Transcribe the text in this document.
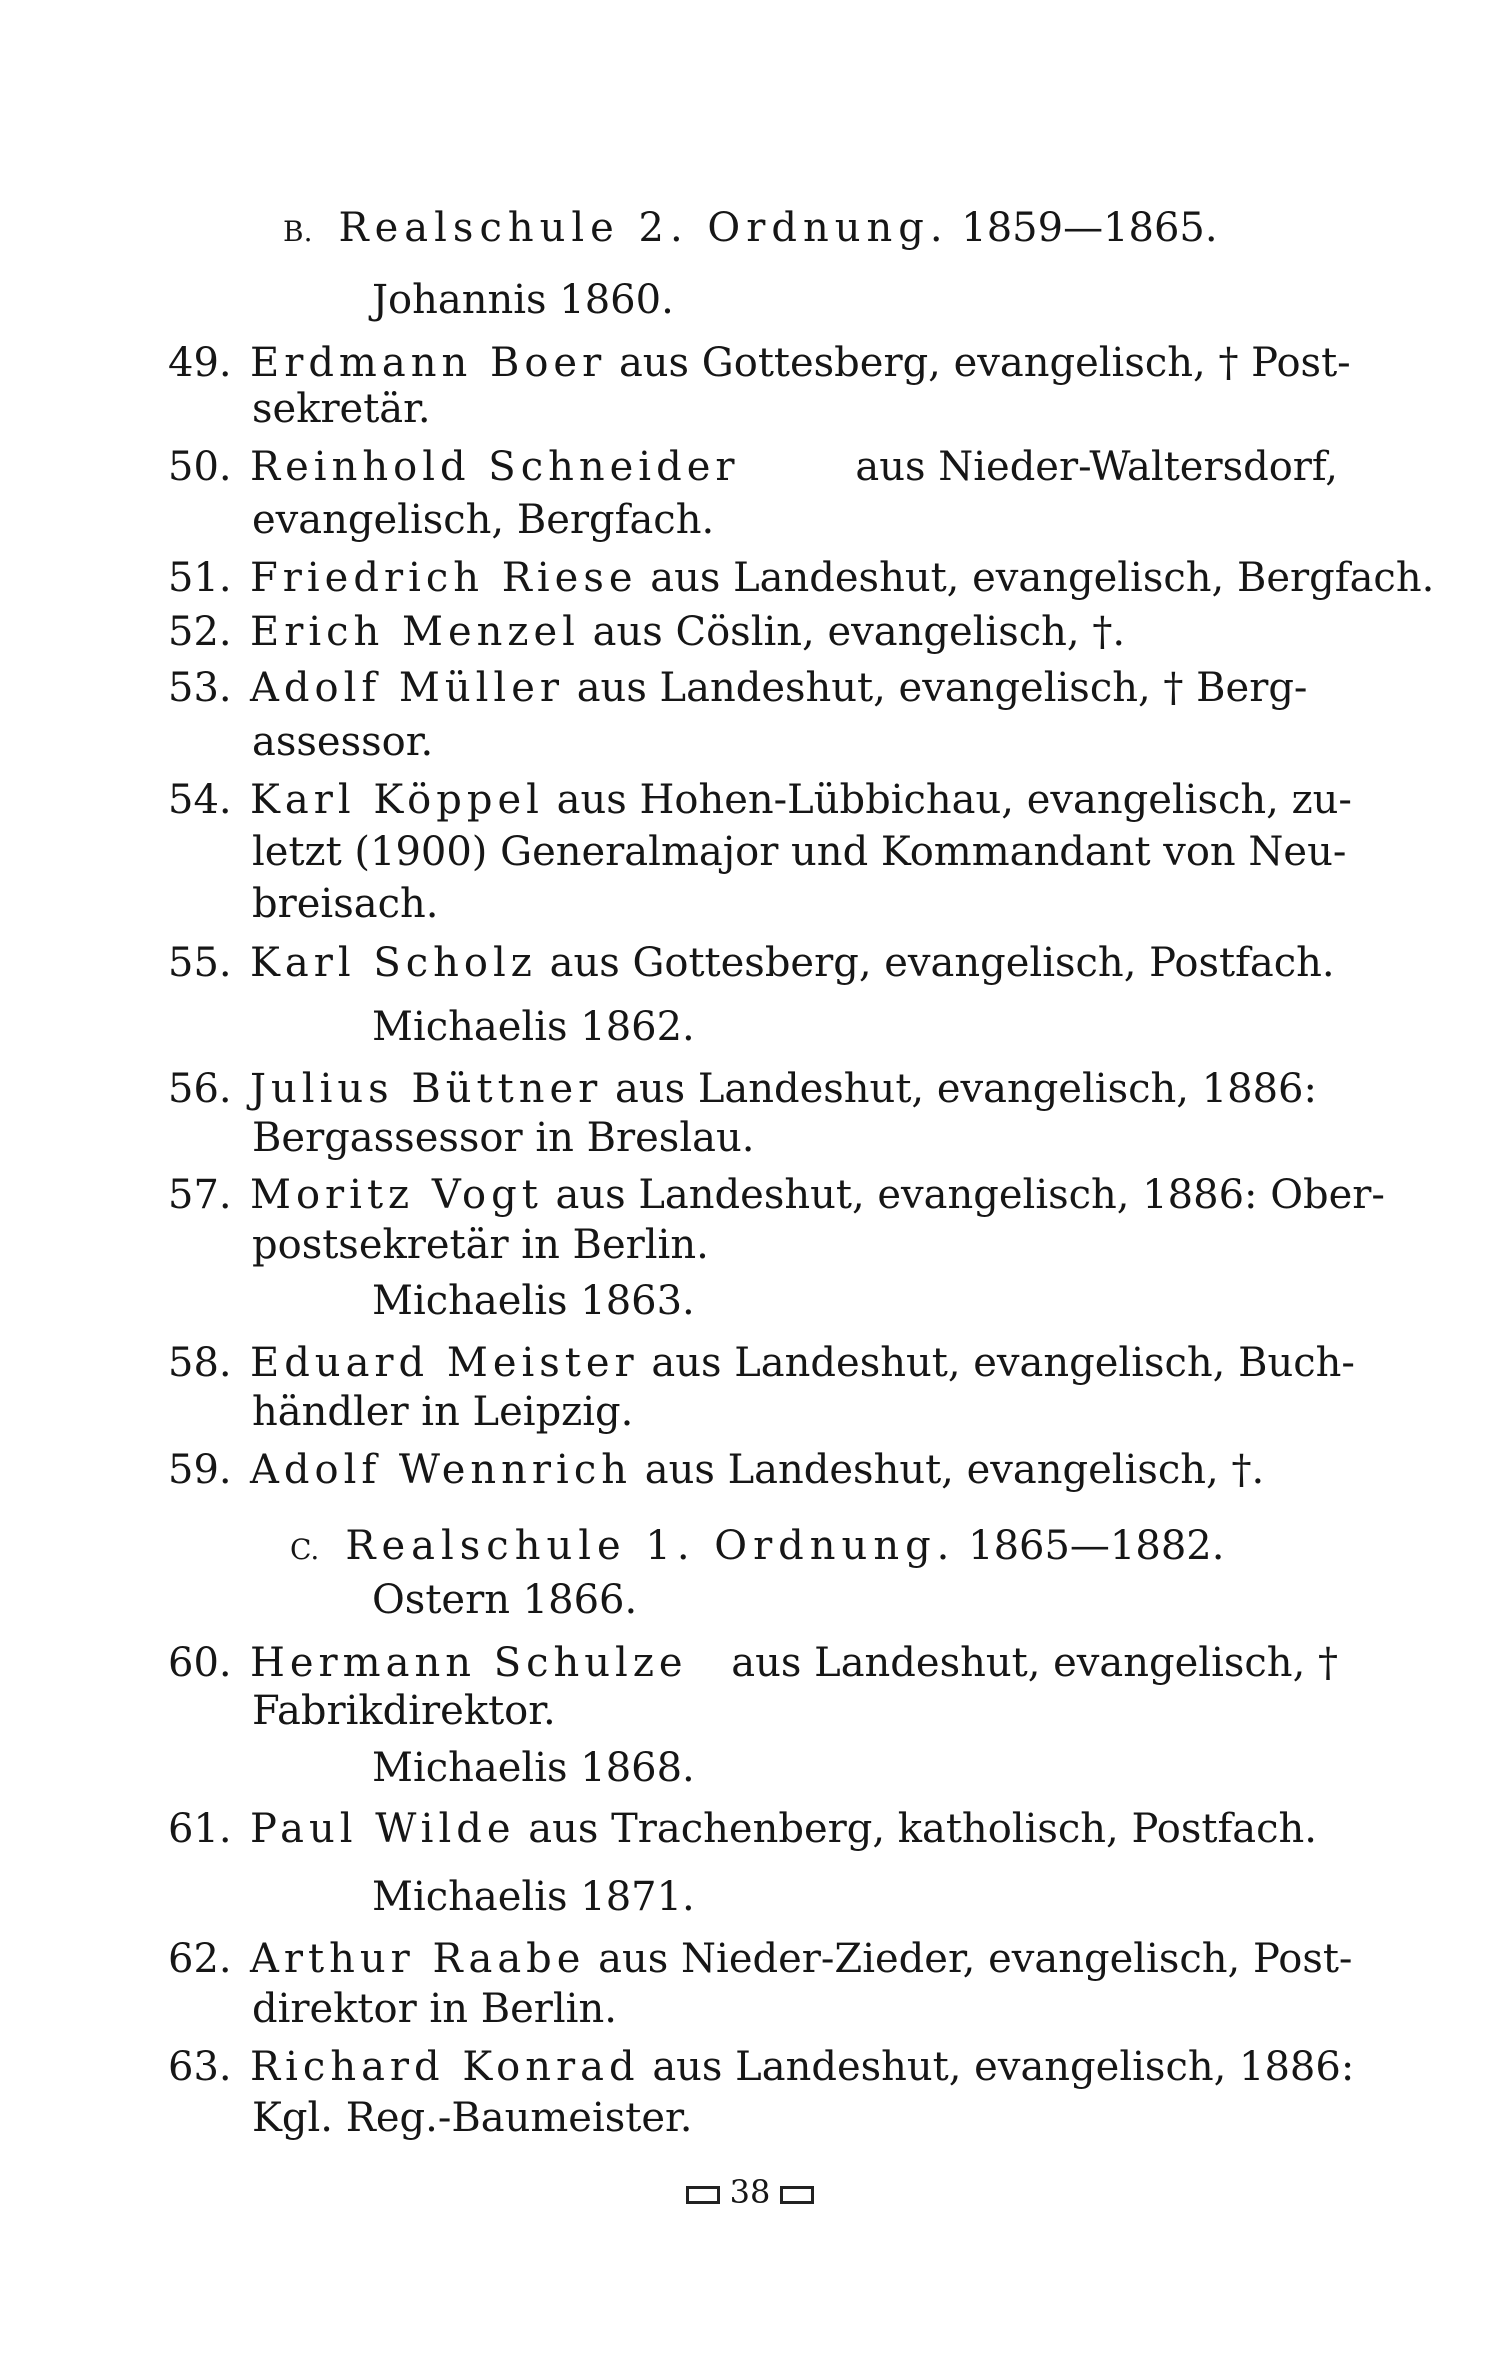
B. Realschule 2. Ordnung. 1859—1865.
Johannis 1860.
49. Erdmann Boer aus Gottesberg, evangelisch, † Post-
sekretär.
50. Reinhold Schneider	aus Nieder-Waltersdorf,
evangelisch, Bergfach.
51. Friedrich Riese aus Landeshut, evangelisch, Bergfach.
52. Erich Menzel aus Cöslin, evangelisch, †.
53. Adolf Müller aus Landeshut, evangelisch, † Berg-
assessor.
54. Karl Köppel aus Hohen-Lübbichau, evangelisch, zu-
letzt (1900) Generalmajor und Kommandant von Neu-
breisach.
55. Karl Scholz aus Gottesberg, evangelisch, Postfach.
Michaelis 1862.
56. Julius Büttner aus Landeshut, evangelisch, 1886:
Bergassessor in Breslau.
57. Moritz Vogt aus Landeshut, evangelisch, 1886: Ober-
postsekretär in Berlin.
Michaelis 1863.
58. Eduard Meister aus Landeshut, evangelisch, Buch-
händler in Leipzig.
59. Adolf Wennrich aus Landeshut, evangelisch, †.
C. Realschule 1. Ordnung. 1865—1882.
Ostern 1866.
60. Hermann Schulze aus Landeshut, evangelisch, †
Fabrikdirektor.
Michaelis 1868.
61. Paul Wilde aus Trachenberg, katholisch, Postfach.
Michaelis 1871.
62. Arthur Raabe aus Nieder-Zieder, evangelisch, Post-
direktor in Berlin.
63. Richard Konrad aus Landeshut, evangelisch, 1886:
Kgl. Reg.-Baumeister.
38
